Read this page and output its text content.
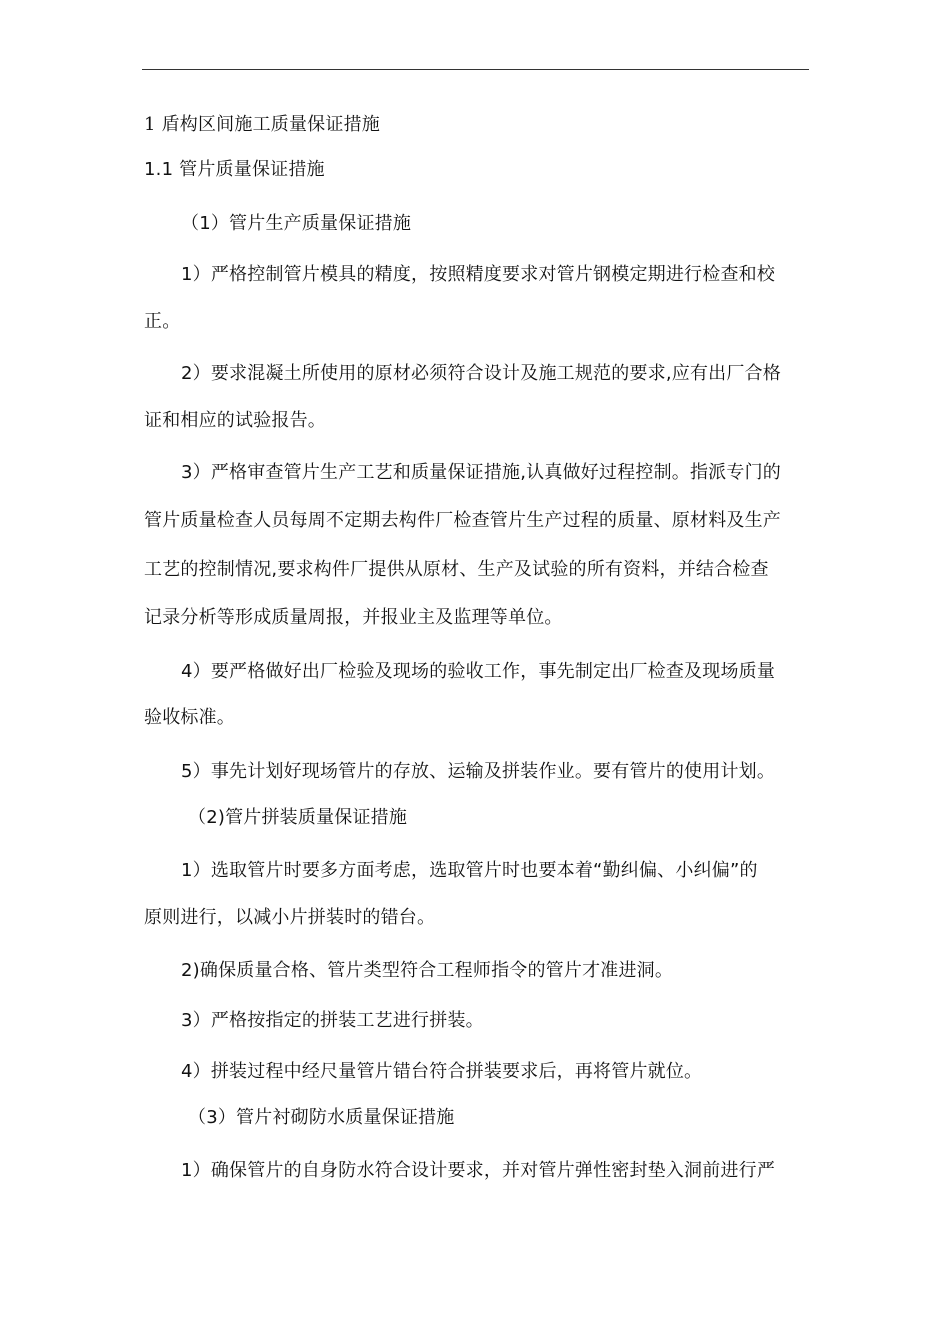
1 盾构区间施工质量保证措施
1.1 管片质量保证措施
（1）管片生产质量保证措施
1）严格控制管片模具的精度，按照精度要求对管片钢模定期进行检查和校
正。
2）要求混凝土所使用的原材必须符合设计及施工规范的要求,应有出厂合格
证和相应的试验报告。
3）严格审查管片生产工艺和质量保证措施,认真做好过程控制。指派专门的
管片质量检查人员每周不定期去构件厂检查管片生产过程的质量、原材料及生产
工艺的控制情况,要求构件厂提供从原材、生产及试验的所有资料，并结合检查
记录分析等形成质量周报，并报业主及监理等单位。
4）要严格做好出厂检验及现场的验收工作，事先制定出厂检查及现场质量
验收标准。
5）事先计划好现场管片的存放、运输及拼装作业。要有管片的使用计划。
（2)管片拼装质量保证措施
1）选取管片时要多方面考虑，选取管片时也要本着“勤纠偏、小纠偏”的
原则进行，以减小片拼装时的错台。
2)确保质量合格、管片类型符合工程师指令的管片才准进洞。
3）严格按指定的拼装工艺进行拼装。
4）拼装过程中经尺量管片错台符合拼装要求后，再将管片就位。
（3）管片衬砌防水质量保证措施
1）确保管片的自身防水符合设计要求，并对管片弹性密封垫入洞前进行严
